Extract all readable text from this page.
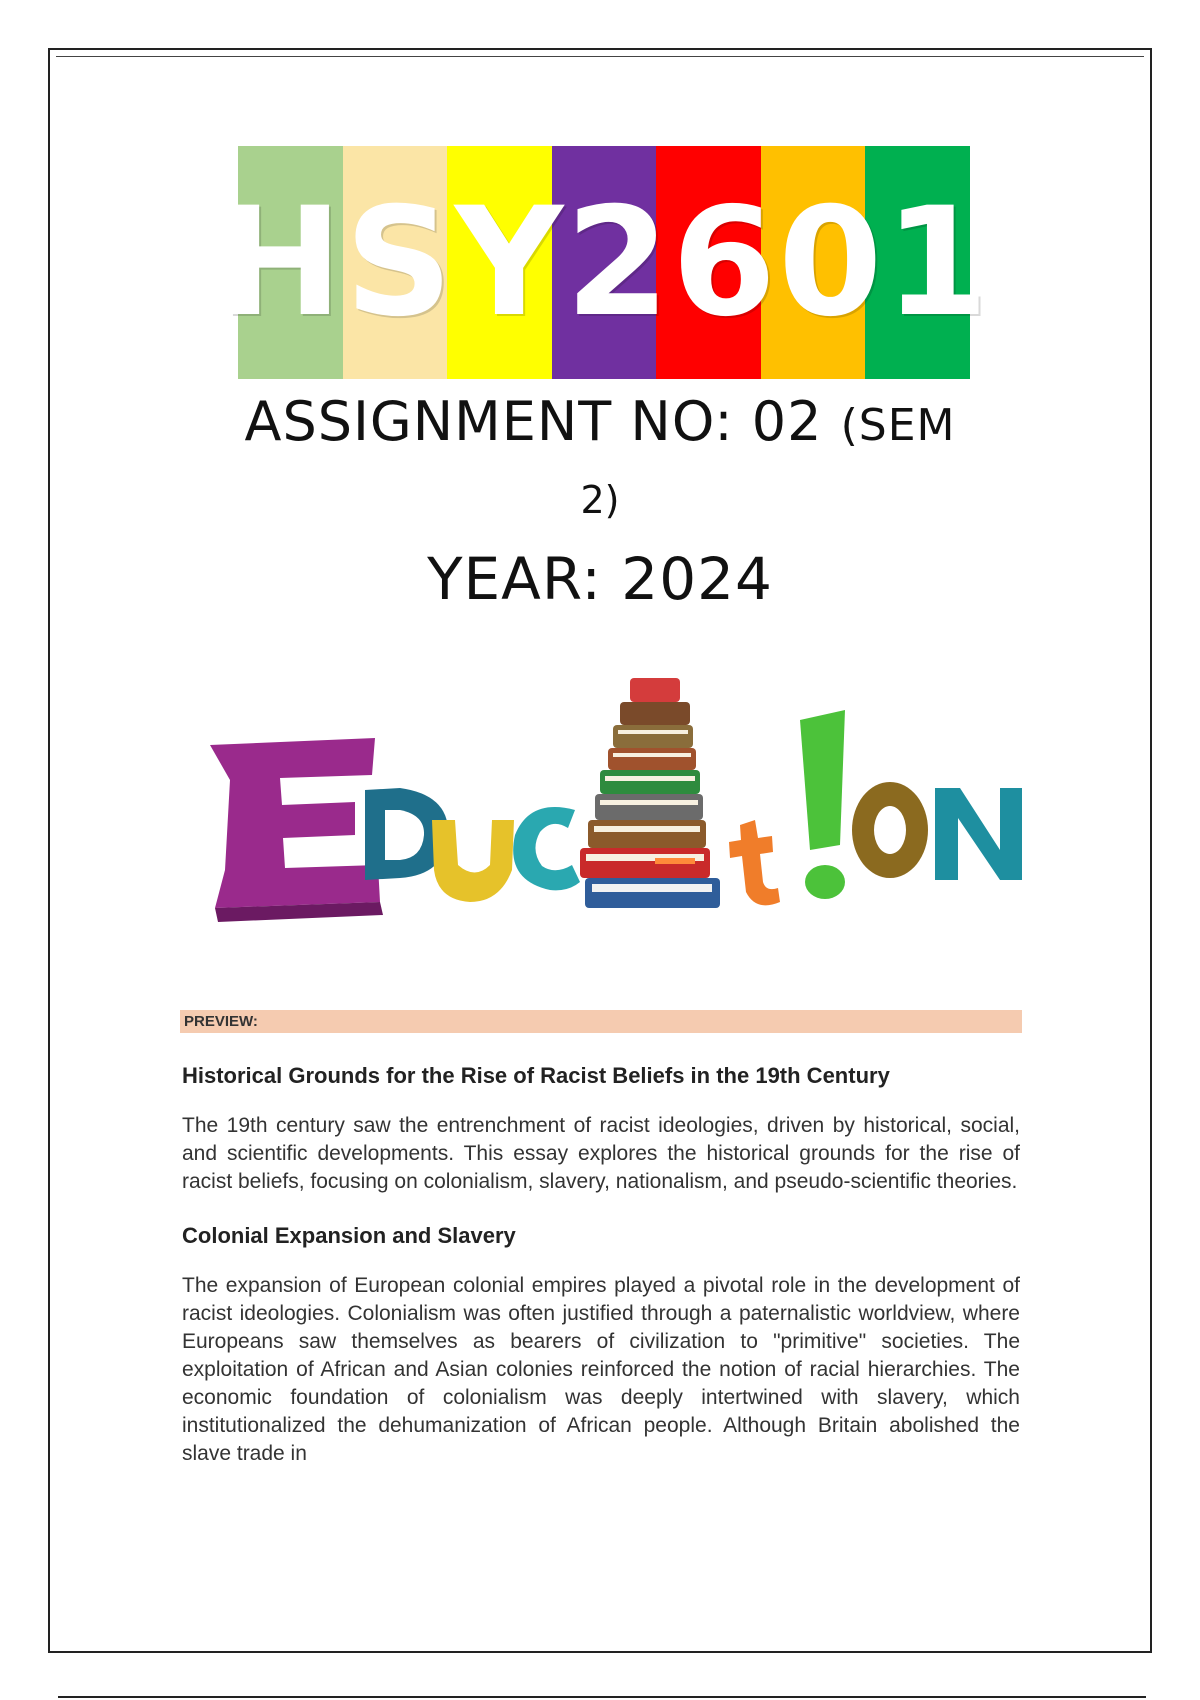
HSY2601
ASSIGNMENT NO: 02 (SEM
2)
YEAR: 2024
PREVIEW:
Historical Grounds for the Rise of Racist Beliefs in the 19th Century

The 19th century saw the entrenchment of racist ideologies, driven by historical, social, and scientific developments. This essay explores the historical grounds for the rise of racist beliefs, focusing on colonialism, slavery, nationalism, and pseudo-scientific theories.

Colonial Expansion and Slavery

The expansion of European colonial empires played a pivotal role in the development of racist ideologies. Colonialism was often justified through a paternalistic worldview, where Europeans saw themselves as bearers of civilization to "primitive" societies. The exploitation of African and Asian colonies reinforced the notion of racial hierarchies. The economic foundation of colonialism was deeply intertwined with slavery, which institutionalized the dehumanization of African people. Although Britain abolished the slave trade in
